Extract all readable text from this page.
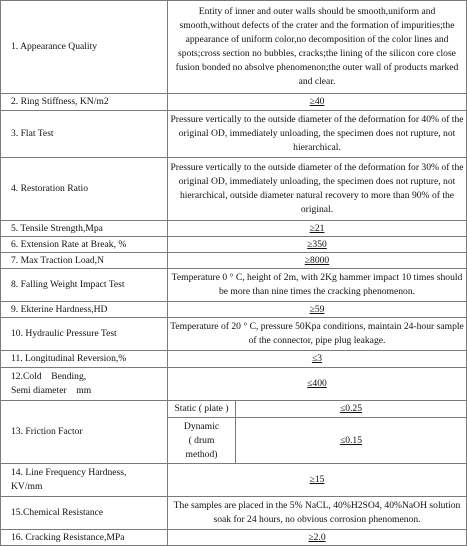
1. Appearance Quality	Entity of inner and outer walls should be smooth,uniform and smooth,without defects of the crater and the formation of impurities;the appearance of uniform color,no decomposition of the color lines and spots;cross section no bubbles, cracks;the lining of the silicon core close fusion bonded no absolve phenomenon;the outer wall of products marked and clear.	
2. Ring Stiffness, KN/m2	≥40	
3. Flat Test	Pressure vertically to the outside diameter of the deformation for 40% of the original OD, immediately unloading, the specimen does not rupture, not hierarchical.	
4. Restoration Ratio	Pressure vertically to the outside diameter of the deformation for 30% of the original OD, immediately unloading, the specimen does not rupture, not hierarchical, outside diameter natural recovery to more than 90% of the original.	
5. Tensile Strength,Mpa	≥21	
6. Extension Rate at Break, %	≥350	
7. Max Traction Load,N	≥8000	
8. Falling Weight Impact Test	Temperature 0 ° C, height of 2m, with 2Kg hammer impact 10 times should be more than nine times the cracking phenomenon.	
9. Ekterine Hardness,HD	≥59	
10. Hydraulic Pressure Test	Temperature of 20 ° C, pressure 50Kpa conditions, maintain 24-hour sample of the connector, pipe plug leakage.	
11. Longitudinal Reversion,%	≤3	
12.Cold    Bending,
Semi diameter    mm	≤400	
13. Friction Factor	Static ( plate )	≤0.25
	Dynamic
( drum
method)	≤0.15
14. Line Frequency Hardness,
KV/mm	≥15	
15.Chemical Resistance	The samples are placed in the 5% NaCL, 40%H2SO4, 40%NaOH solution soak for 24 hours, no obvious corrosion phenomenon.	
16. Cracking Resistance,MPa	≥2.0	
